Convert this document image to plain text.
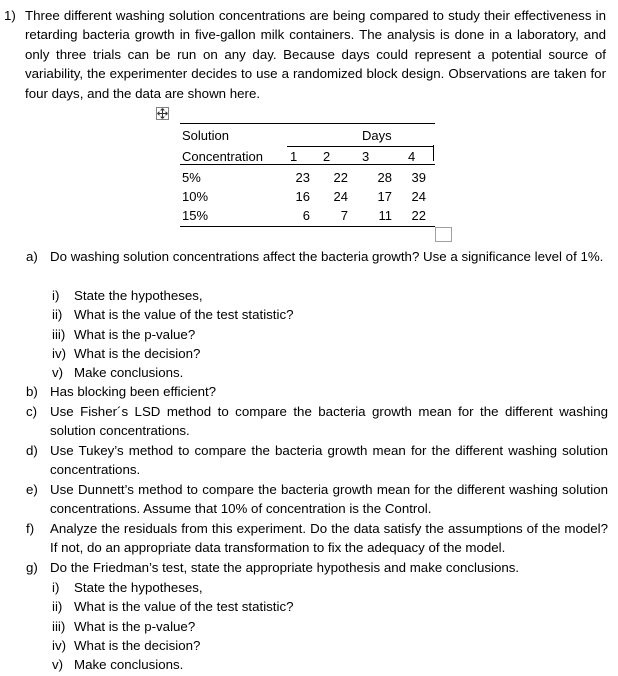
1) Three different washing solution concentrations are being compared to study their effectiveness in retarding bacteria growth in five-gallon milk containers. The analysis is done in a laboratory, and only three trials can be run on any day. Because days could represent a potential source of variability, the experimenter decides to use a randomized block design. Observations are taken for four days, and the data are shown here.
Solution	Days
Concentration 1 2 3	4
5%	23	22	28	39
10%	16	24	17	24
15%	6	7	11	22
a) Do washing solution concentrations affect the bacteria growth? Use a significance level of 1%.
i) State the hypotheses,
ii) What is the value of the test statistic?
iii) What is the p-value?
iv) What is the decision?
v) Make conclusions.
b) Has blocking been efficient?
c) Use Fisher´s LSD method to compare the bacteria growth mean for the different washing solution concentrations.
d) Use Tukey’s method to compare the bacteria growth mean for the different washing solution concentrations.
e) Use Dunnett’s method to compare the bacteria growth mean for the different washing solution concentrations. Assume that 10% of concentration is the Control.
f) Analyze the residuals from this experiment. Do the data satisfy the assumptions of the model? If not, do an appropriate data transformation to fix the adequacy of the model.
g) Do the Friedman’s test, state the appropriate hypothesis and make conclusions.
i) State the hypotheses,
ii) What is the value of the test statistic?
iii) What is the p-value?
iv) What is the decision?
v) Make conclusions.
